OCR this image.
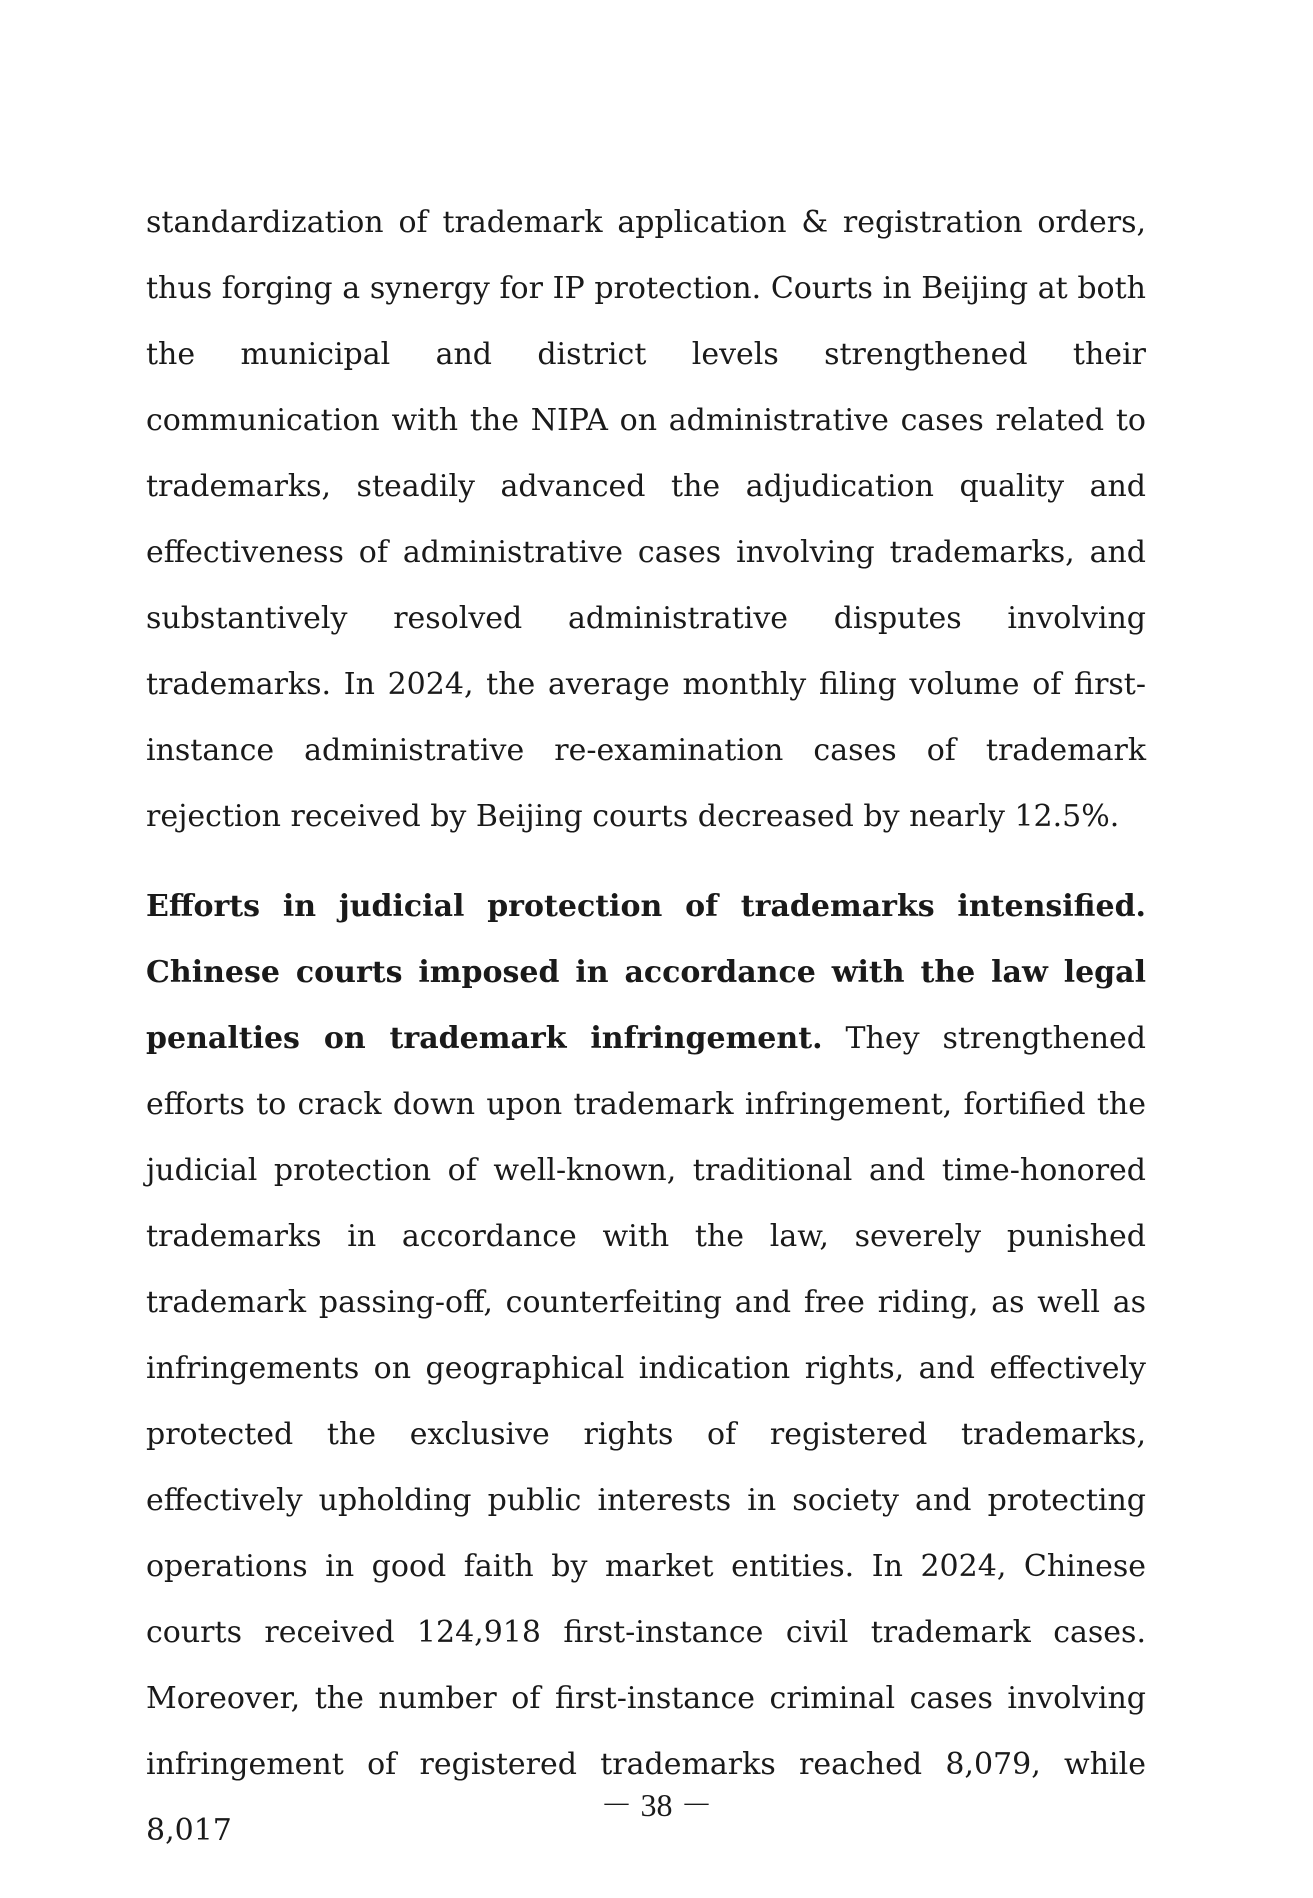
standardization of trademark application & registration orders, thus forging a synergy for IP protection. Courts in Beijing at both the municipal and district levels strengthened their communication with the NIPA on administrative cases related to trademarks, steadily advanced the adjudication quality and effectiveness of administrative cases involving trademarks, and substantively resolved administrative disputes involving trademarks. In 2024, the average monthly filing volume of first-instance administrative re-examination cases of trademark rejection received by Beijing courts decreased by nearly 12.5%.

Efforts in judicial protection of trademarks intensified. Chinese courts imposed in accordance with the law legal penalties on trademark infringement. They strengthened efforts to crack down upon trademark infringement, fortified the judicial protection of well-known, traditional and time-honored trademarks in accordance with the law, severely punished trademark passing-off, counterfeiting and free riding, as well as infringements on geographical indication rights, and effectively protected the exclusive rights of registered trademarks, effectively upholding public interests in society and protecting operations in good faith by market entities. In 2024, Chinese courts received 124,918 first-instance civil trademark cases. Moreover, the number of first-instance criminal cases involving infringement of registered trademarks reached 8,079, while 8,017

－ 38 －
